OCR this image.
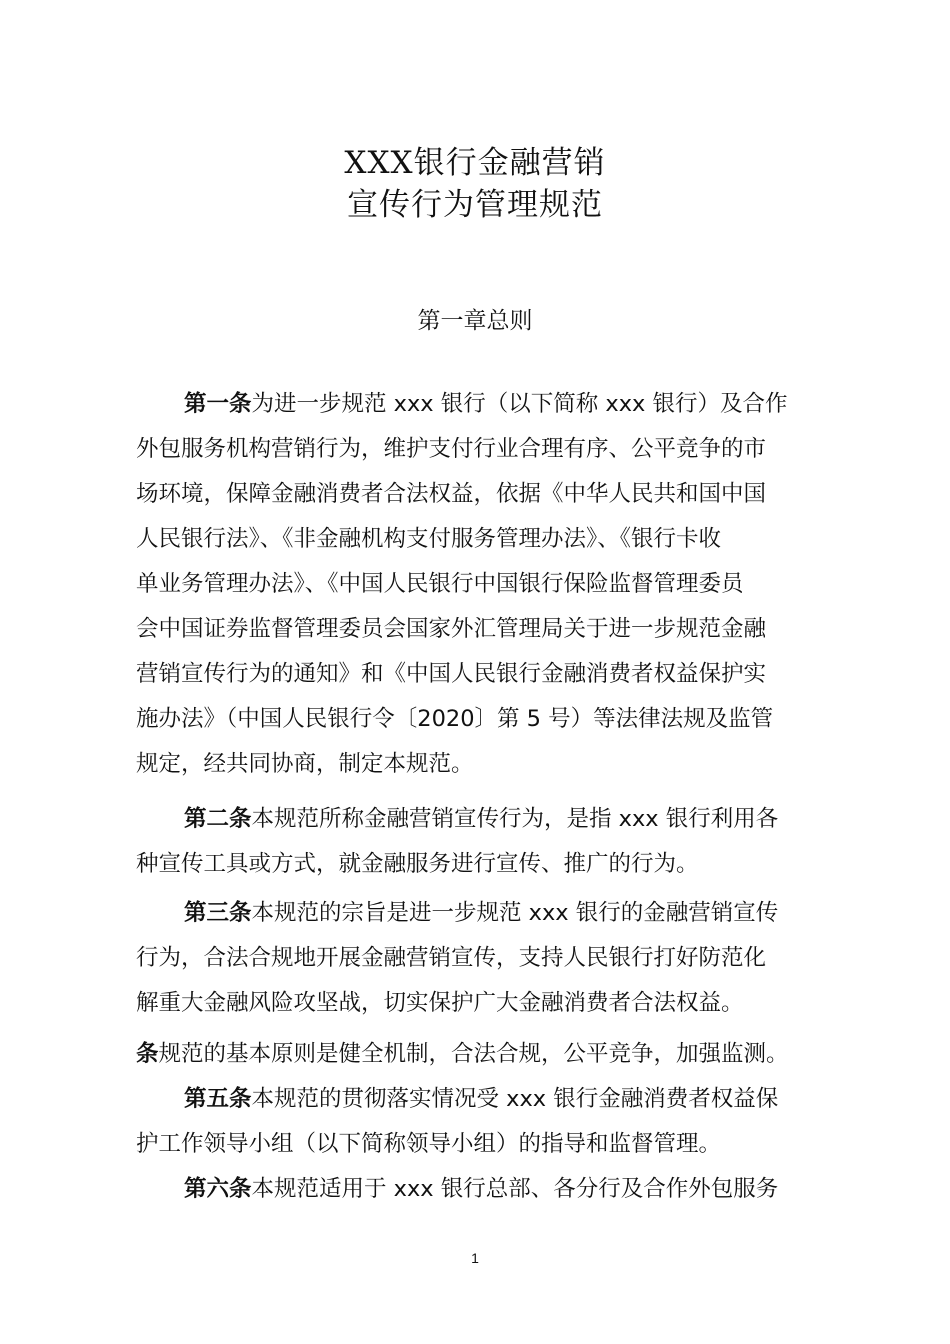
XXX银行金融营销
宣传行为管理规范
第一章总则
第一条为进一步规范 xxx 银行（以下简称 xxx 银行）及合作
外包服务机构营销行为，维护支付行业合理有序、公平竞争的市
场环境，保障金融消费者合法权益，依据《中华人民共和国中国
人民银行法》、《非金融机构支付服务管理办法》、《银行卡收
单业务管理办法》、《中国人民银行中国银行保险监督管理委员
会中国证券监督管理委员会国家外汇管理局关于进一步规范金融
营销宣传行为的通知》和《中国人民银行金融消费者权益保护实
施办法》（中国人民银行令〔2020〕第 5 号）等法律法规及监管
规定，经共同协商，制定本规范。
第二条本规范所称金融营销宣传行为，是指 xxx 银行利用各
种宣传工具或方式，就金融服务进行宣传、推广的行为。
第三条本规范的宗旨是进一步规范 xxx 银行的金融营销宣传
行为，合法合规地开展金融营销宣传，支持人民银行打好防范化
解重大金融风险攻坚战，切实保护广大金融消费者合法权益。
条规范的基本原则是健全机制，合法合规，公平竞争，加强监测。
第五条本规范的贯彻落实情况受 xxx 银行金融消费者权益保
护工作领导小组（以下简称领导小组）的指导和监督管理。
第六条本规范适用于 xxx 银行总部、各分行及合作外包服务
1
